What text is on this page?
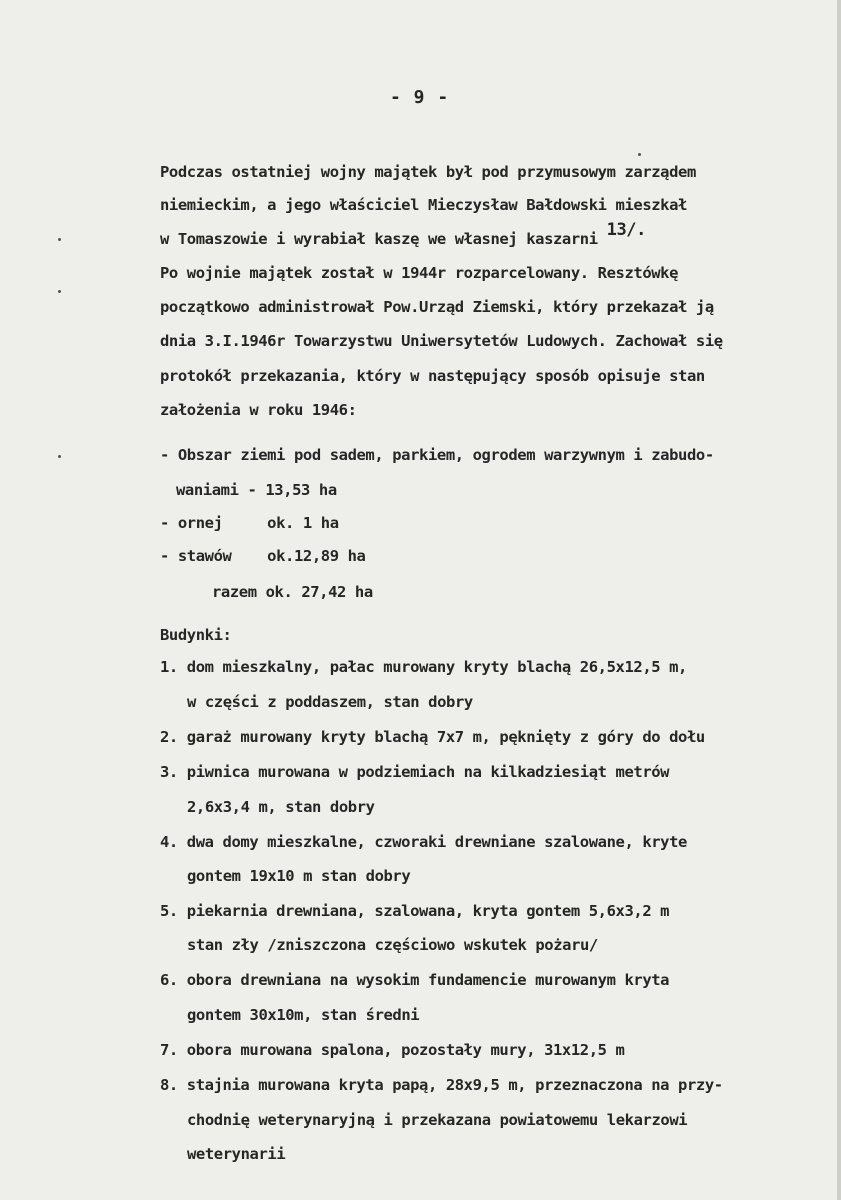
- 9 -
Podczas ostatniej wojny majątek był pod przymusowym zarządem
niemieckim, a jego właściciel Mieczysław Bałdowski mieszkał
w Tomaszowie i wyrabiał kaszę we własnej kaszarni 13/.
Po wojnie majątek został w 1944r rozparcelowany. Resztówkę
początkowo administrował Pow.Urząd Ziemski, który przekazał ją
dnia 3.I.1946r Towarzystwu Uniwersytetów Ludowych. Zachował się
protokół przekazania, który w następujący sposób opisuje stan
założenia w roku 1946:
- Obszar ziemi pod sadem, parkiem, ogrodem warzywnym i zabudo-
waniami - 13,53 ha
- ornej     ok. 1 ha
- stawów    ok.12,89 ha
razem ok. 27,42 ha
Budynki:
1. dom mieszkalny, pałac murowany kryty blachą 26,5x12,5 m,
w części z poddaszem, stan dobry
2. garaż murowany kryty blachą 7x7 m, pęknięty z góry do dołu
3. piwnica murowana w podziemiach na kilkadziesiąt metrów
2,6x3,4 m, stan dobry
4. dwa domy mieszkalne, czworaki drewniane szalowane, kryte
gontem 19x10 m stan dobry
5. piekarnia drewniana, szalowana, kryta gontem 5,6x3,2 m
stan zły /zniszczona częściowo wskutek pożaru/
6. obora drewniana na wysokim fundamencie murowanym kryta
gontem 30x10m, stan średni
7. obora murowana spalona, pozostały mury, 31x12,5 m
8. stajnia murowana kryta papą, 28x9,5 m, przeznaczona na przy-
chodnię weterynaryjną i przekazana powiatowemu lekarzowi
weterynarii
